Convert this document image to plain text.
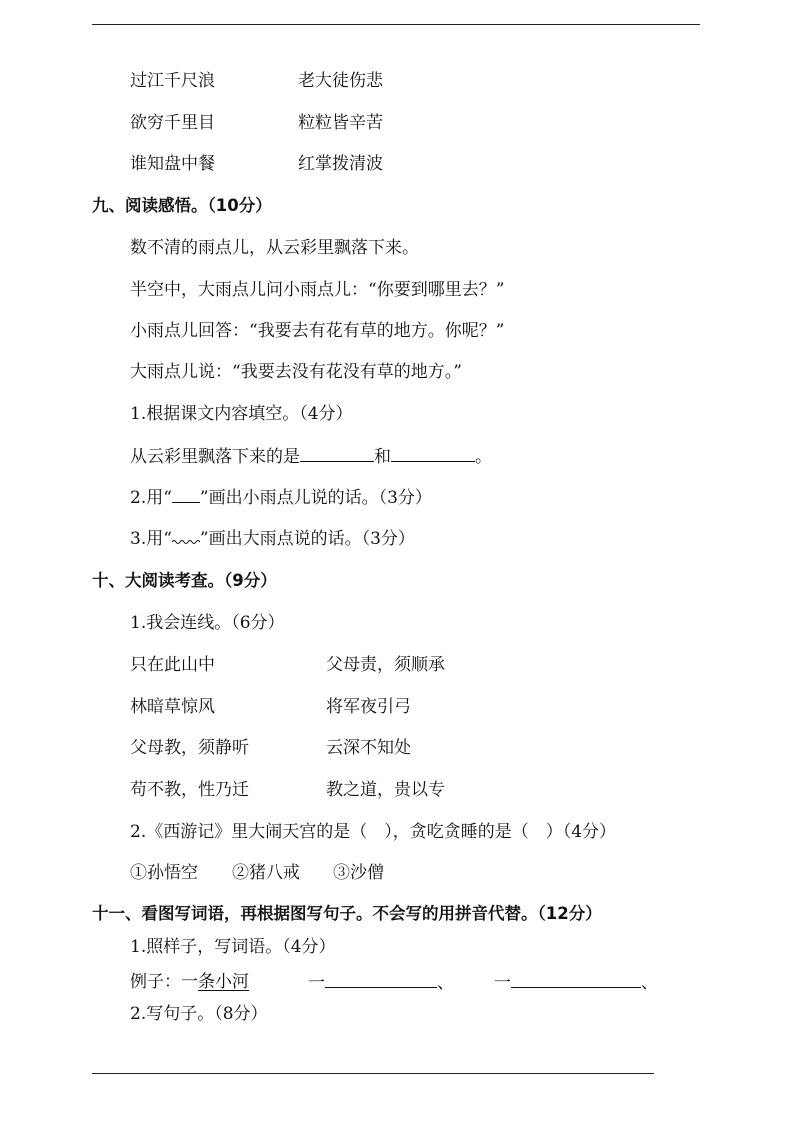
过江千尺浪	老大徒伤悲
欲穷千里目	粒粒皆辛苦
谁知盘中餐	红掌拨清波
九、阅读感悟。（10分）
数不清的雨点儿，从云彩里飘落下来。
半空中，大雨点儿问小雨点儿：“你要到哪里去？”
小雨点儿回答：“我要去有花有草的地方。你呢？”
大雨点儿说：“我要去没有花没有草的地方。”
1.根据课文内容填空。（4分）
从云彩里飘落下来的是	和	。
2.用“ ”画出小雨点儿说的话。（3分）
3.用“ ”画出大雨点说的话。（3分）
十、大阅读考查。（9分）
1.我会连线。（6分）
只在此山中	父母责，须顺承
林暗草惊风	将军夜引弓
父母教，须静听	云深不知处
苟不教，性乃迁	教之道，贵以专
2.《西游记》里大闹天宫的是（　），贪吃贪睡的是（　）（4分）
①孙悟空 ②猪八戒 ③沙僧
十一、看图写词语，再根据图写句子。不会写的用拼音代替。（12分）
1.照样子，写词语。（4分）
例子：一条小河	一	、 一	、
2.写句子。（8分）
